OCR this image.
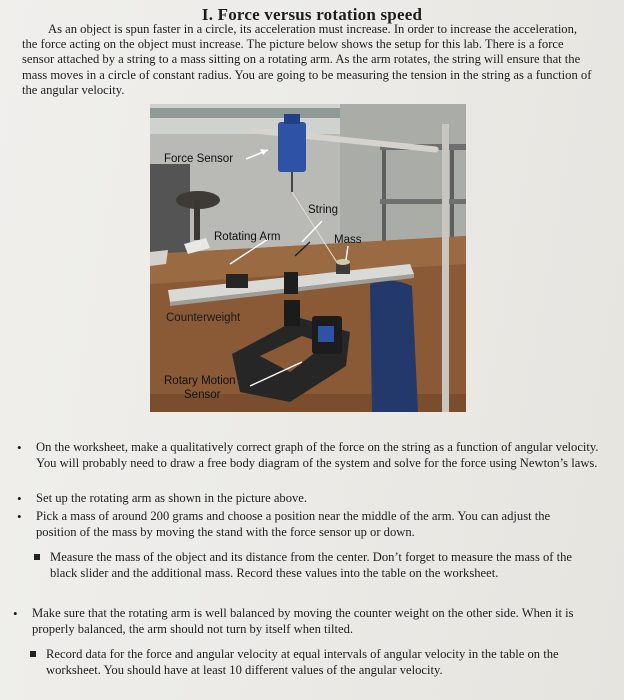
I. Force versus rotation speed

As an object is spun faster in a circle, its acceleration must increase. In order to increase the acceleration, the force acting on the object must increase. The picture below shows the setup for this lab. There is a force sensor attached by a string to a mass sitting on a rotating arm. As the arm rotates, the string will ensure that the mass moves in a circle of constant radius. You are going to be measuring the tension in the string as a function of the angular velocity.

Force Sensor
String
Rotating Arm	Mass
Counterweight
Rotary Motion
Sensor
• On the worksheet, make a qualitatively correct graph of the force on the string as a function of angular velocity. You will probably need to draw a free body diagram of the system and solve for the force using Newton’s laws.
• Set up the rotating arm as shown in the picture above.
• Pick a mass of around 200 grams and choose a position near the middle of the arm. You can adjust the position of the mass by moving the stand with the force sensor up or down.
Measure the mass of the object and its distance from the center. Don’t forget to measure the mass of the black slider and the additional mass. Record these values into the table on the worksheet.
• Make sure that the rotating arm is well balanced by moving the counter weight on the other side. When it is properly balanced, the arm should not turn by itself when tilted.
Record data for the force and angular velocity at equal intervals of angular velocity in the table on the worksheet. You should have at least 10 different values of the angular velocity.
